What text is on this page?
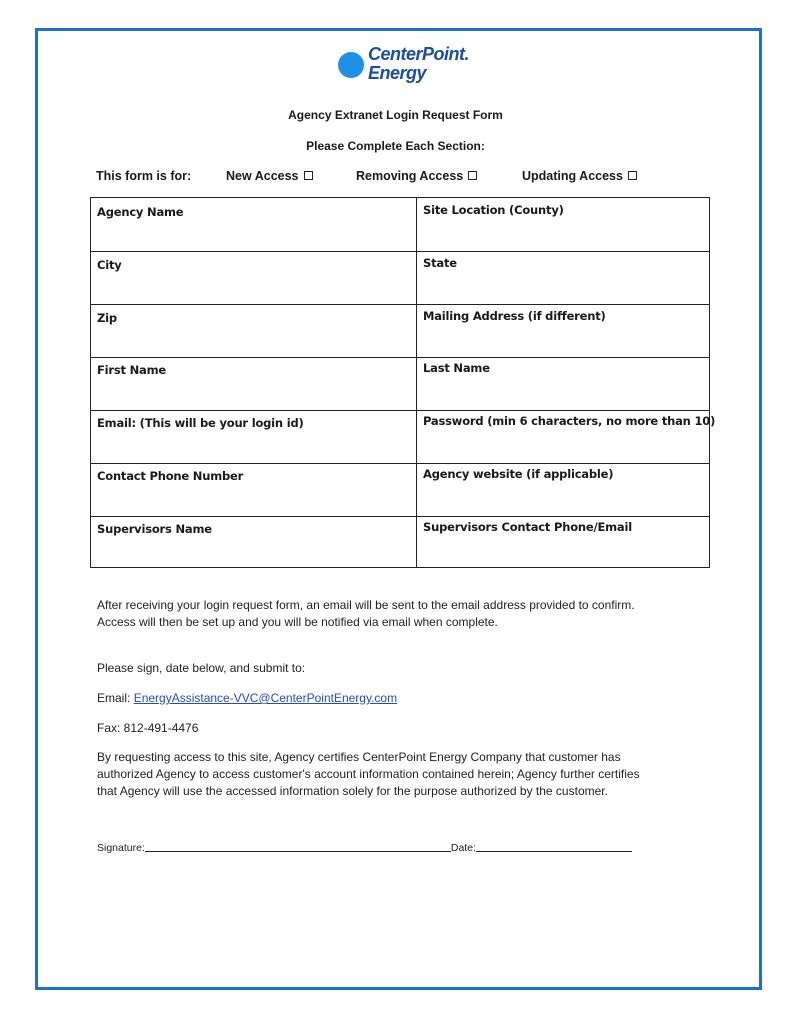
CenterPoint.
Energy
Agency Extranet Login Request Form
Please Complete Each Section:
This form is for:	New Access	Removing Access	Updating Access
Agency Name	Site Location (County)
City	State
Zip	Mailing Address (if different)
First Name	Last Name
Email: (This will be your login id)	Password (min 6 characters, no more than 10)
Contact Phone Number	Agency website (if applicable)
Supervisors Name	Supervisors Contact Phone/Email
After receiving your login request form, an email will be sent to the email address provided to confirm.
Access will then be set up and you will be notified via email when complete.
Please sign, date below, and submit to:
Email: EnergyAssistance-VVC@CenterPointEnergy.com
Fax: 812-491-4476
By requesting access to this site, Agency certifies CenterPoint Energy Company that customer has
authorized Agency to access customer's account information contained herein; Agency further certifies
that Agency will use the accessed information solely for the purpose authorized by the customer.
Signature:	Date:
